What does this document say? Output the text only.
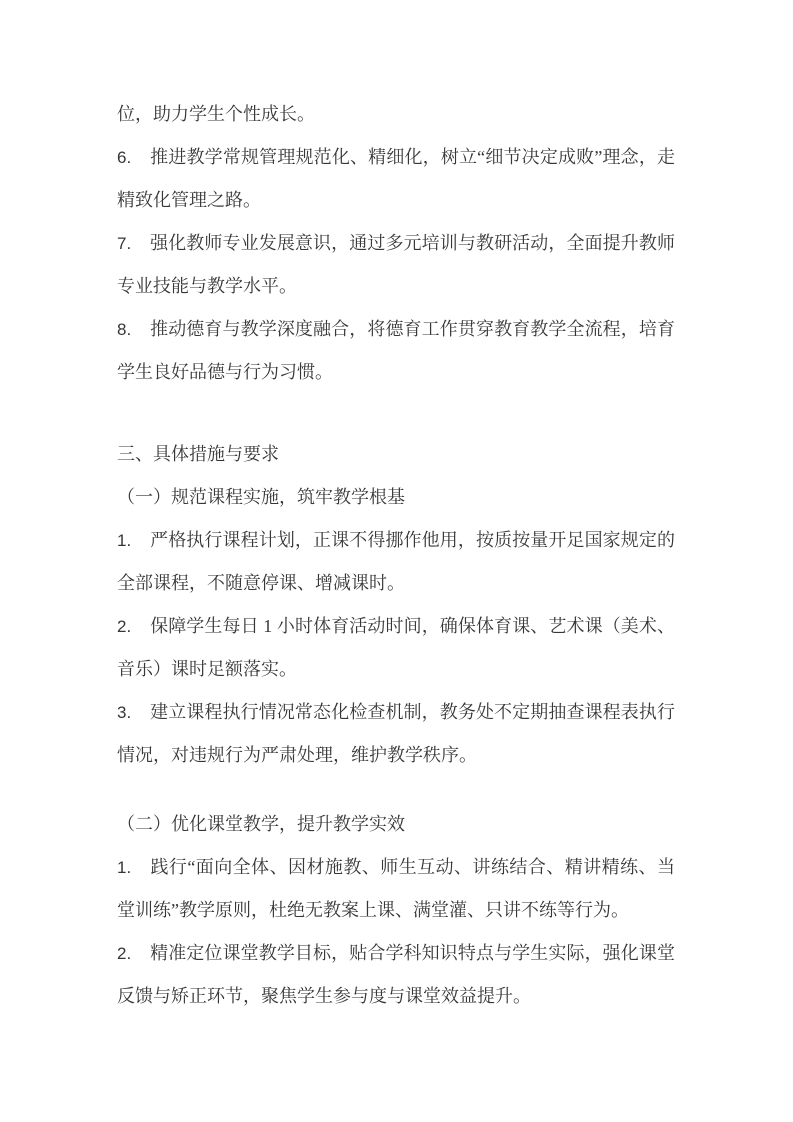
位，助力学生个性成长。

6. 推进教学常规管理规范化、精细化，树立“细节决定成败”理念，走精致化管理之路。

7. 强化教师专业发展意识，通过多元培训与教研活动，全面提升教师专业技能与教学水平。

8. 推动德育与教学深度融合，将德育工作贯穿教育教学全流程，培育学生良好品德与行为习惯。

三、具体措施与要求

（一）规范课程实施，筑牢教学根基

1. 严格执行课程计划，正课不得挪作他用，按质按量开足国家规定的全部课程，不随意停课、增减课时。

2. 保障学生每日 1 小时体育活动时间，确保体育课、艺术课（美术、音乐）课时足额落实。

3. 建立课程执行情况常态化检查机制，教务处不定期抽查课程表执行情况，对违规行为严肃处理，维护教学秩序。

（二）优化课堂教学，提升教学实效

1. 践行“面向全体、因材施教、师生互动、讲练结合、精讲精练、当堂训练”教学原则，杜绝无教案上课、满堂灌、只讲不练等行为。

2. 精准定位课堂教学目标，贴合学科知识特点与学生实际，强化课堂反馈与矫正环节，聚焦学生参与度与课堂效益提升。
